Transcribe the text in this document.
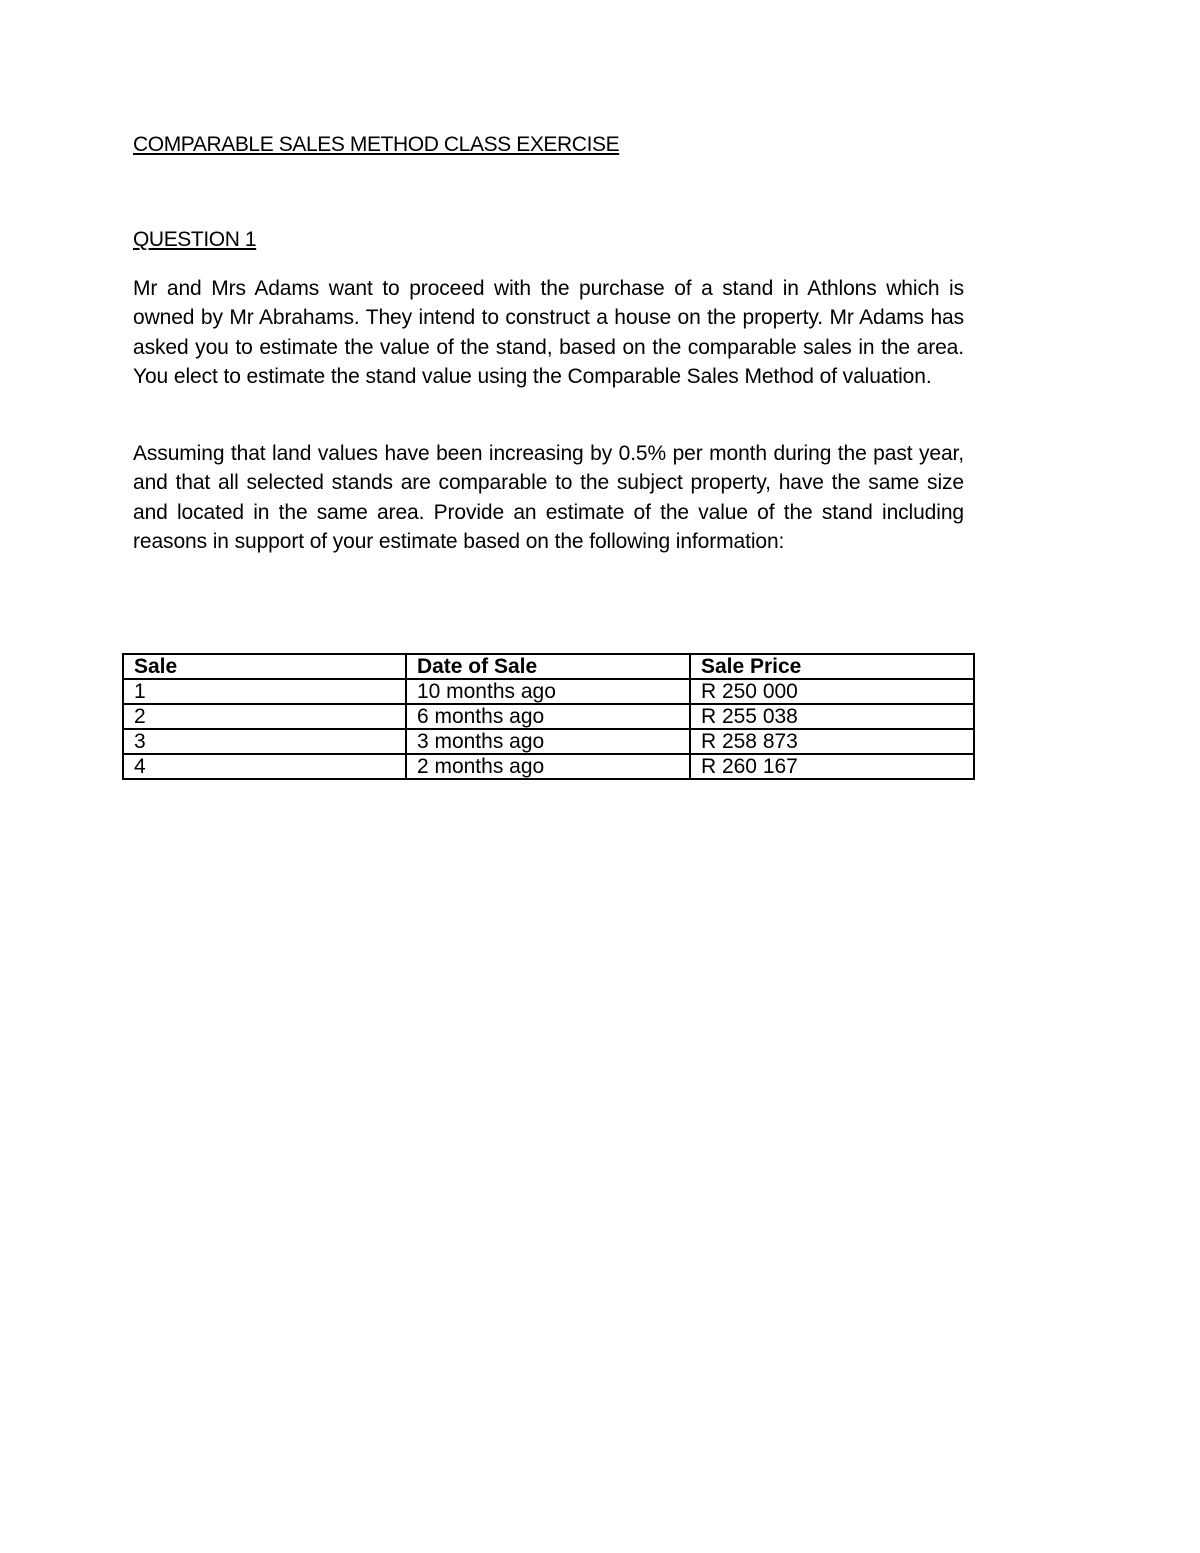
COMPARABLE SALES METHOD CLASS EXERCISE
QUESTION 1

Mr and Mrs Adams want to proceed with the purchase of a stand in Athlons which is owned by Mr Abrahams. They intend to construct a house on the property. Mr Adams has asked you to estimate the value of the stand, based on the comparable sales in the area. You elect to estimate the stand value using the Comparable Sales Method of valuation.

Assuming that land values have been increasing by 0.5% per month during the past year, and that all selected stands are comparable to the subject property, have the same size and located in the same area. Provide an estimate of the value of the stand including reasons in support of your estimate based on the following information:

Sale	Date of Sale	Sale Price
1	10 months ago	R 250 000
2	6 months ago	R 255 038
3	3 months ago	R 258 873
4	2 months ago	R 260 167
